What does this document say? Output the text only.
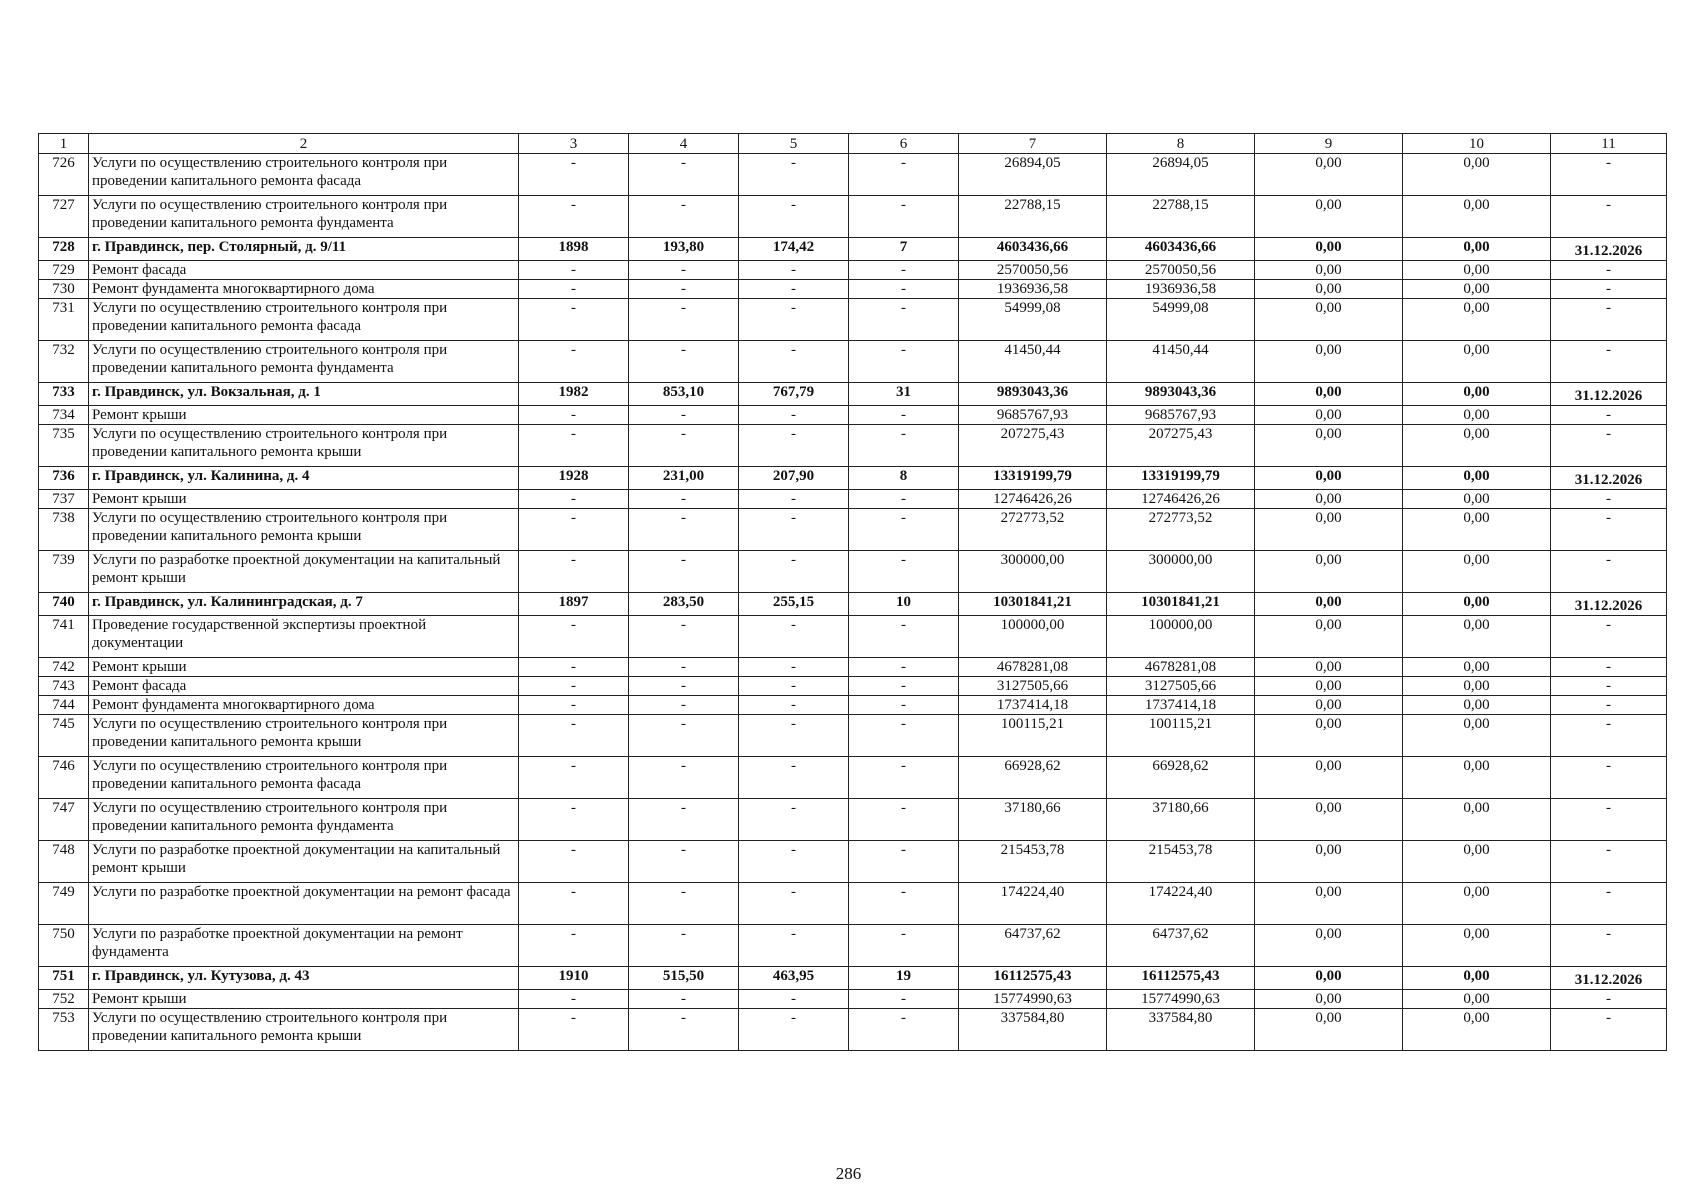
1	2	3	4	5	6	7	8	9	10	11
726	Услуги по осуществлению строительного контроля при проведении капитального ремонта фасада	-	-	-	-	26894,05	26894,05	0,00	0,00	-
727	Услуги по осуществлению строительного контроля при проведении капитального ремонта фундамента	-	-	-	-	22788,15	22788,15	0,00	0,00	-
728	г. Правдинск, пер. Столярный, д. 9/11	1898	193,80	174,42	7	4603436,66	4603436,66	0,00	0,00	31.12.2026
729	Ремонт фасада	-	-	-	-	2570050,56	2570050,56	0,00	0,00	-
730	Ремонт фундамента многоквартирного дома	-	-	-	-	1936936,58	1936936,58	0,00	0,00	-
731	Услуги по осуществлению строительного контроля при проведении капитального ремонта фасада	-	-	-	-	54999,08	54999,08	0,00	0,00	-
732	Услуги по осуществлению строительного контроля при проведении капитального ремонта фундамента	-	-	-	-	41450,44	41450,44	0,00	0,00	-
733	г. Правдинск, ул. Вокзальная, д. 1	1982	853,10	767,79	31	9893043,36	9893043,36	0,00	0,00	31.12.2026
734	Ремонт крыши	-	-	-	-	9685767,93	9685767,93	0,00	0,00	-
735	Услуги по осуществлению строительного контроля при проведении капитального ремонта крыши	-	-	-	-	207275,43	207275,43	0,00	0,00	-
736	г. Правдинск, ул. Калинина, д. 4	1928	231,00	207,90	8	13319199,79	13319199,79	0,00	0,00	31.12.2026
737	Ремонт крыши	-	-	-	-	12746426,26	12746426,26	0,00	0,00	-
738	Услуги по осуществлению строительного контроля при проведении капитального ремонта крыши	-	-	-	-	272773,52	272773,52	0,00	0,00	-
739	Услуги по разработке проектной документации на капитальный ремонт крыши	-	-	-	-	300000,00	300000,00	0,00	0,00	-
740	г. Правдинск, ул. Калининградская, д. 7	1897	283,50	255,15	10	10301841,21	10301841,21	0,00	0,00	31.12.2026
741	Проведение государственной экспертизы проектной документации	-	-	-	-	100000,00	100000,00	0,00	0,00	-
742	Ремонт крыши	-	-	-	-	4678281,08	4678281,08	0,00	0,00	-
743	Ремонт фасада	-	-	-	-	3127505,66	3127505,66	0,00	0,00	-
744	Ремонт фундамента многоквартирного дома	-	-	-	-	1737414,18	1737414,18	0,00	0,00	-
745	Услуги по осуществлению строительного контроля при проведении капитального ремонта крыши	-	-	-	-	100115,21	100115,21	0,00	0,00	-
746	Услуги по осуществлению строительного контроля при проведении капитального ремонта фасада	-	-	-	-	66928,62	66928,62	0,00	0,00	-
747	Услуги по осуществлению строительного контроля при проведении капитального ремонта фундамента	-	-	-	-	37180,66	37180,66	0,00	0,00	-
748	Услуги по разработке проектной документации на капитальный ремонт крыши	-	-	-	-	215453,78	215453,78	0,00	0,00	-
749	Услуги по разработке проектной документации на ремонт фасада	-	-	-	-	174224,40	174224,40	0,00	0,00	-
750	Услуги по разработке проектной документации на ремонт фундамента	-	-	-	-	64737,62	64737,62	0,00	0,00	-
751	г. Правдинск, ул. Кутузова, д. 43	1910	515,50	463,95	19	16112575,43	16112575,43	0,00	0,00	31.12.2026
752	Ремонт крыши	-	-	-	-	15774990,63	15774990,63	0,00	0,00	-
753	Услуги по осуществлению строительного контроля при проведении капитального ремонта крыши	-	-	-	-	337584,80	337584,80	0,00	0,00	-
286
